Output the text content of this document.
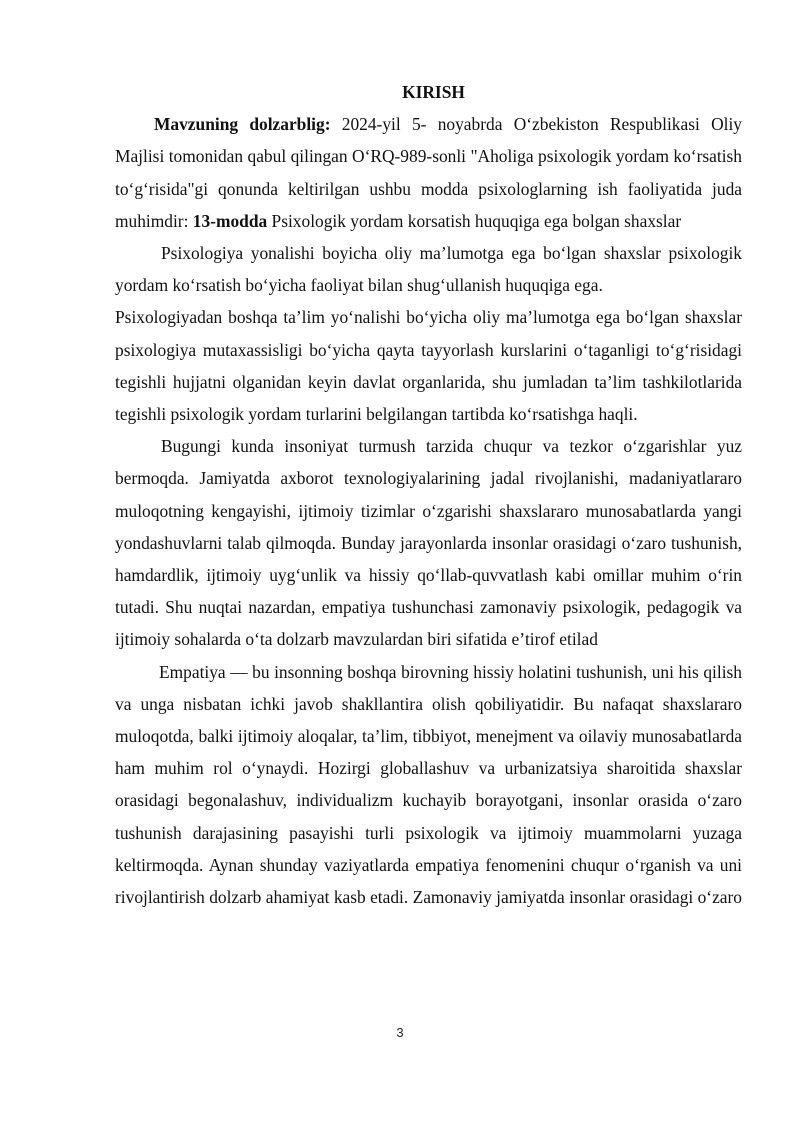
KIRISH

Mavzuning dolzarblig: 2024-yil 5- noyabrda Oʻzbekiston Respublikasi Oliy Majlisi tomonidan qabul qilingan OʻRQ-989-sonli "Aholiga psixologik yordam koʻrsatish toʻgʻrisida"gi qonunda keltirilgan ushbu modda psixologlarning ish faoliyatida juda muhimdir: 13-modda Psixologik yordam korsatish huquqiga ega bolgan shaxslar

Psixologiya yonalishi boyicha oliy maʼlumotga ega boʻlgan shaxslar psixologik yordam koʻrsatish boʻyicha faoliyat bilan shugʻullanish huquqiga ega.

Psixologiyadan boshqa taʼlim yoʻnalishi boʻyicha oliy maʼlumotga ega boʻlgan shaxslar psixologiya mutaxassisligi boʻyicha qayta tayyorlash kurslarini oʻtaganligi toʻgʻrisidagi tegishli hujjatni olganidan keyin davlat organlarida, shu jumladan taʼlim tashkilotlarida tegishli psixologik yordam turlarini belgilangan tartibda koʻrsatishga haqli.

Bugungi kunda insoniyat turmush tarzida chuqur va tezkor oʻzgarishlar yuz bermoqda. Jamiyatda axborot texnologiyalarining jadal rivojlanishi, madaniyatlararo muloqotning kengayishi, ijtimoiy tizimlar oʻzgarishi shaxslararo munosabatlarda yangi yondashuvlarni talab qilmoqda. Bunday jarayonlarda insonlar orasidagi oʻzaro tushunish, hamdardlik, ijtimoiy uygʻunlik va hissiy qoʻllab-quvvatlash kabi omillar muhim oʻrin tutadi. Shu nuqtai nazardan, empatiya tushunchasi zamonaviy psixologik, pedagogik va ijtimoiy sohalarda oʻta dolzarb mavzulardan biri sifatida eʼtirof etilad

Empatiya — bu insonning boshqa birovning hissiy holatini tushunish, uni his qilish va unga nisbatan ichki javob shakllantira olish qobiliyatidir. Bu nafaqat shaxslararo muloqotda, balki ijtimoiy aloqalar, taʼlim, tibbiyot, menejment va oilaviy munosabatlarda ham muhim rol oʻynaydi. Hozirgi globallashuv va urbanizatsiya sharoitida shaxslar orasidagi begonalashuv, individualizm kuchayib borayotgani, insonlar orasida oʻzaro tushunish darajasining pasayishi turli psixologik va ijtimoiy muammolarni yuzaga keltirmoqda. Aynan shunday vaziyatlarda empatiya fenomenini chuqur oʻrganish va uni rivojlantirish dolzarb ahamiyat kasb etadi. Zamonaviy jamiyatda insonlar orasidagi oʻzaro

3
